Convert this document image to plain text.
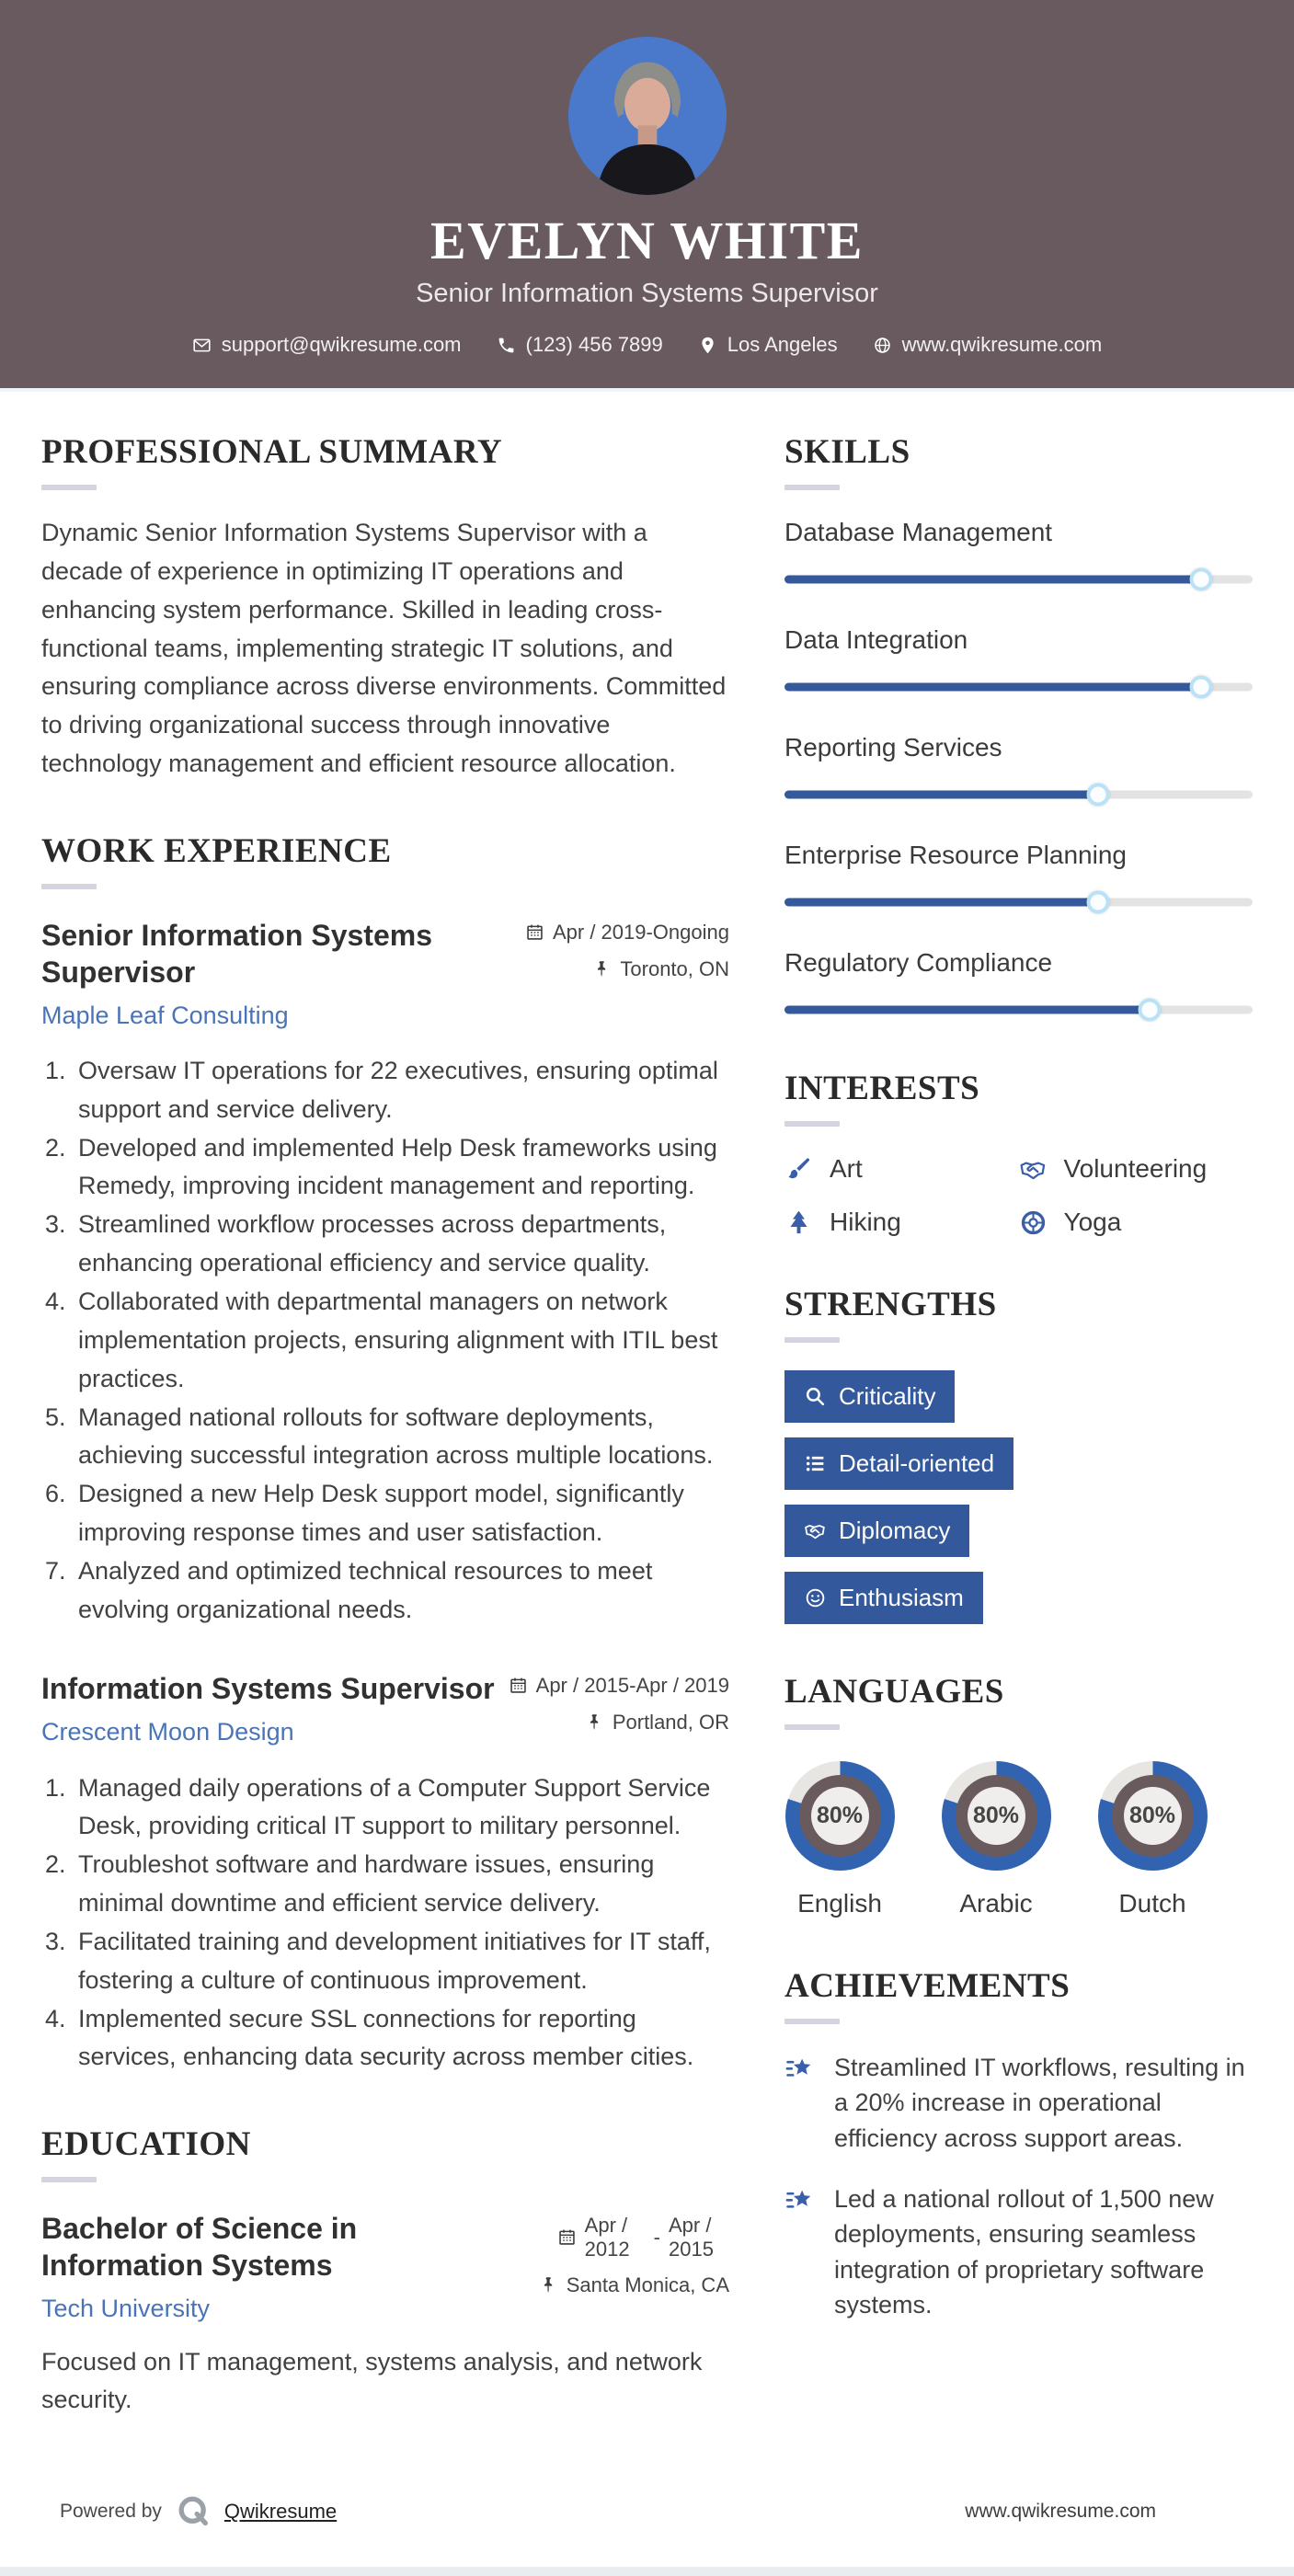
EVELYN WHITE
Senior Information Systems Supervisor
support@qwikresume.com	(123) 456 7899	Los Angeles	www.qwikresume.com
PROFESSIONAL SUMMARY

Dynamic Senior Information Systems Supervisor with a decade of experience in optimizing IT operations and enhancing system performance. Skilled in leading cross-functional teams, implementing strategic IT solutions, and ensuring compliance across diverse environments. Committed to driving organizational success through innovative technology management and efficient resource allocation.

WORK EXPERIENCE
Senior Information Systems Supervisor
Maple Leaf Consulting
Apr / 2019-Ongoing
Toronto, ON
Oversaw IT operations for 22 executives, ensuring optimal support and service delivery.
Developed and implemented Help Desk frameworks using Remedy, improving incident management and reporting.
Streamlined workflow processes across departments, enhancing operational efficiency and service quality.
Collaborated with departmental managers on network implementation projects, ensuring alignment with ITIL best practices.
Managed national rollouts for software deployments, achieving successful integration across multiple locations.
Designed a new Help Desk support model, significantly improving response times and user satisfaction.
Analyzed and optimized technical resources to meet evolving organizational needs.
Information Systems Supervisor
Crescent Moon Design
Apr / 2015-Apr / 2019
Portland, OR
Managed daily operations of a Computer Support Service Desk, providing critical IT support to military personnel.
Troubleshot software and hardware issues, ensuring minimal downtime and efficient service delivery.
Facilitated training and development initiatives for IT staff, fostering a culture of continuous improvement.
Implemented secure SSL connections for reporting services, enhancing data security across member cities.
EDUCATION
Bachelor of Science in Information Systems
Tech University
Apr / 2012
- Apr / 2015
Santa Monica, CA

Focused on IT management, systems analysis, and network security.

SKILLS
Database Management
Data Integration
Reporting Services
Enterprise Resource Planning
Regulatory Compliance
INTERESTS
Art	Volunteering
Hiking	Yoga
STRENGTHS
Criticality
Detail-oriented
Diplomacy
Enthusiasm
LANGUAGES
80%
English
80%
Arabic
80%
Dutch
ACHIEVEMENTS
Streamlined IT workflows, resulting in a 20% increase in operational efficiency across support areas.
Led a national rollout of 1,500 new deployments, ensuring seamless integration of proprietary software systems.
Powered by	Qwikresume	www.qwikresume.com
